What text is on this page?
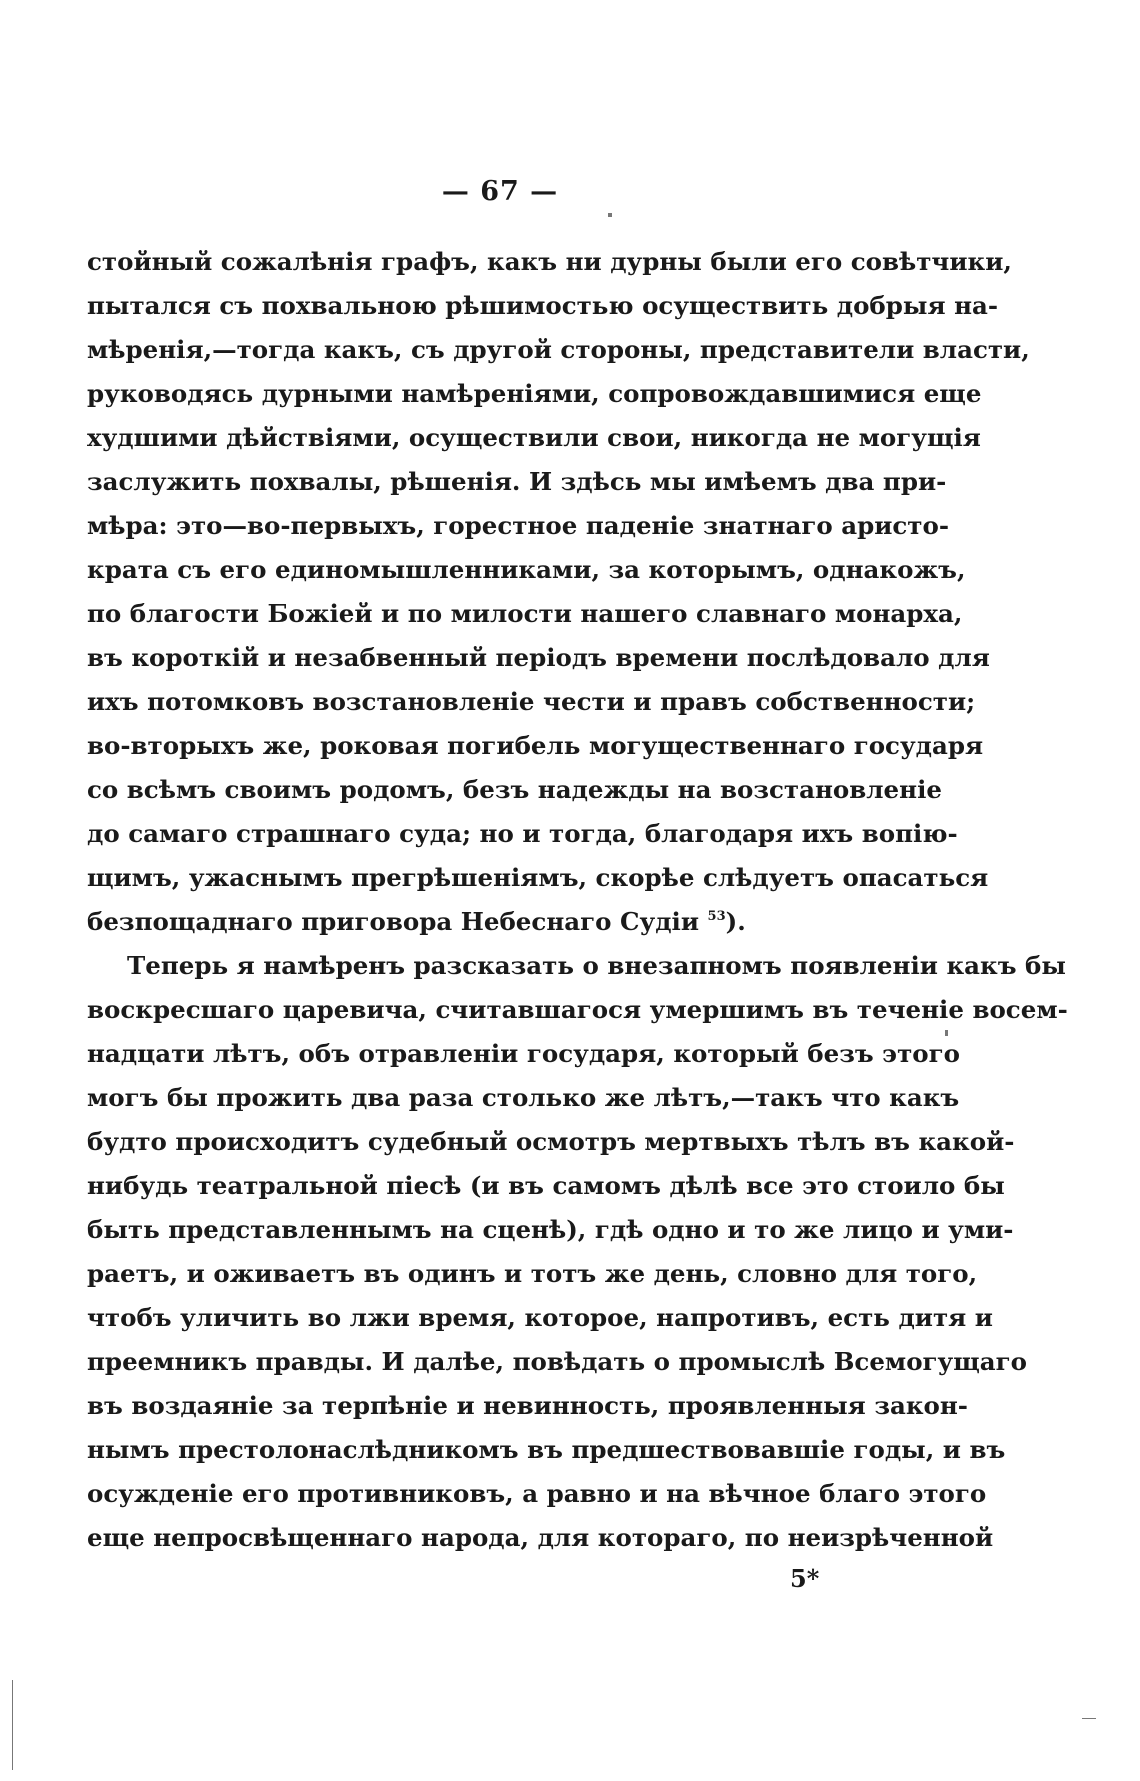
— 67 —
стойный сожалѣнія графъ, какъ ни дурны были его совѣтчики,
пытался съ похвальною рѣшимостью осуществить добрыя на-
мѣренія,—тогда какъ, съ другой стороны, представители власти,
руководясь дурными намѣреніями, сопровождавшимися еще
худшими дѣйствіями, осуществили свои, никогда не могущія
заслужить похвалы, рѣшенія. И здѣсь мы имѣемъ два при-
мѣра: это—во-первыхъ, горестное паденіе знатнаго аристо-
крата съ его единомышленниками, за которымъ, однакожъ,
по благости Божіей и по милости нашего славнаго монарха,
въ короткій и незабвенный періодъ времени послѣдовало для
ихъ потомковъ возстановленіе чести и правъ собственности;
во-вторыхъ же, роковая погибель могущественнаго государя
со всѣмъ своимъ родомъ, безъ надежды на возстановленіе
до самаго страшнаго суда; но и тогда, благодаря ихъ вопію-
щимъ, ужаснымъ прегрѣшеніямъ, скорѣе слѣдуетъ опасаться
безпощаднаго приговора Небеснаго Судіи $^{53}$).
Теперь я намѣренъ разсказать о внезапномъ появленіи какъ бы
воскресшаго царевича, считавшагося умершимъ въ теченіе восем-
надцати лѣтъ, объ отравленіи государя, который безъ этого
могъ бы прожить два раза столько же лѣтъ,—такъ что какъ
будто происходитъ судебный осмотръ мертвыхъ тѣлъ въ какой-
нибудь театральной піесѣ (и въ самомъ дѣлѣ все это стоило бы
быть представленнымъ на сценѣ), гдѣ одно и то же лицо и уми-
раетъ, и оживаетъ въ одинъ и тотъ же день, словно для того,
чтобъ уличить во лжи время, которое, напротивъ, есть дитя и
преемникъ правды. И далѣе, повѣдать о промыслѣ Всемогущаго
въ воздаяніе за терпѣніе и невинность, проявленныя закон-
нымъ престолонаслѣдникомъ въ предшествовавшіе годы, и въ
осужденіе его противниковъ, а равно и на вѣчное благо этого
еще непросвѣщеннаго народа, для котораго, по неизрѣченной
5*
